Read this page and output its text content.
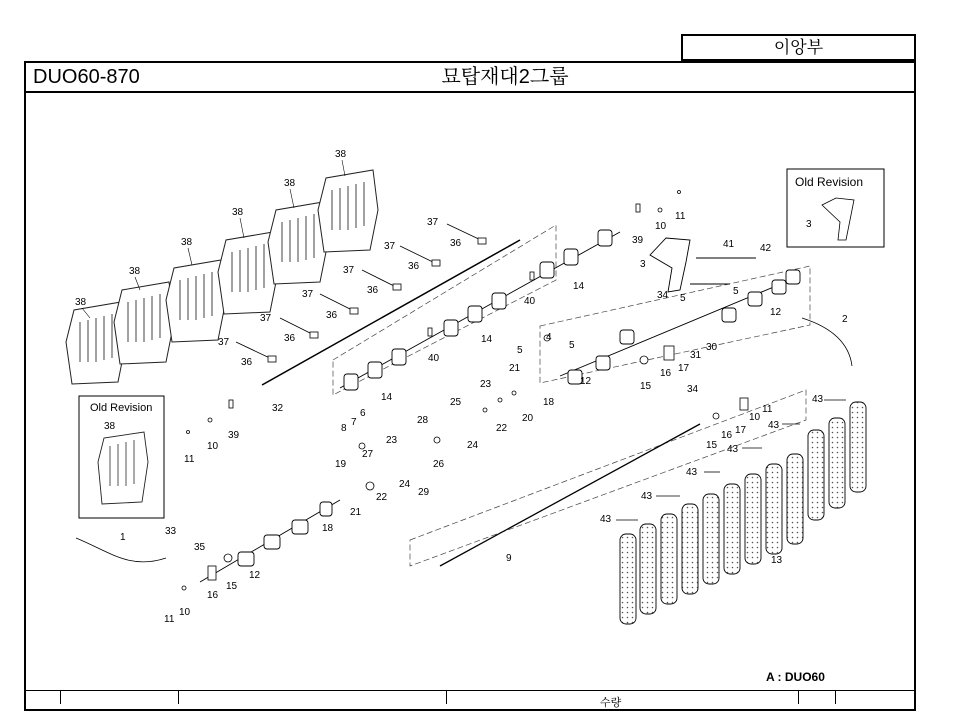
이앙부
DUO60-870	묘탑재대2그룹
Old Revision
3
Old Revision
38
38
38
38
38
38
38
37
36
37
36
37
36
37
36
37
36
37
36
32
39
11
10
39
10
11
41	42
3
34 5
5
4
5	5
14
14
14
40
40
12
12
2
30
31
17
16
15
21
23
18
20
22
24
25
28
26
29
6
7
8
19
27
22
24
23
21
18
12
15
16
33
35
1
11
10
34
11
10
17
16
15
43
43
43
43
43
43
13
9
A : DUO60
수량
